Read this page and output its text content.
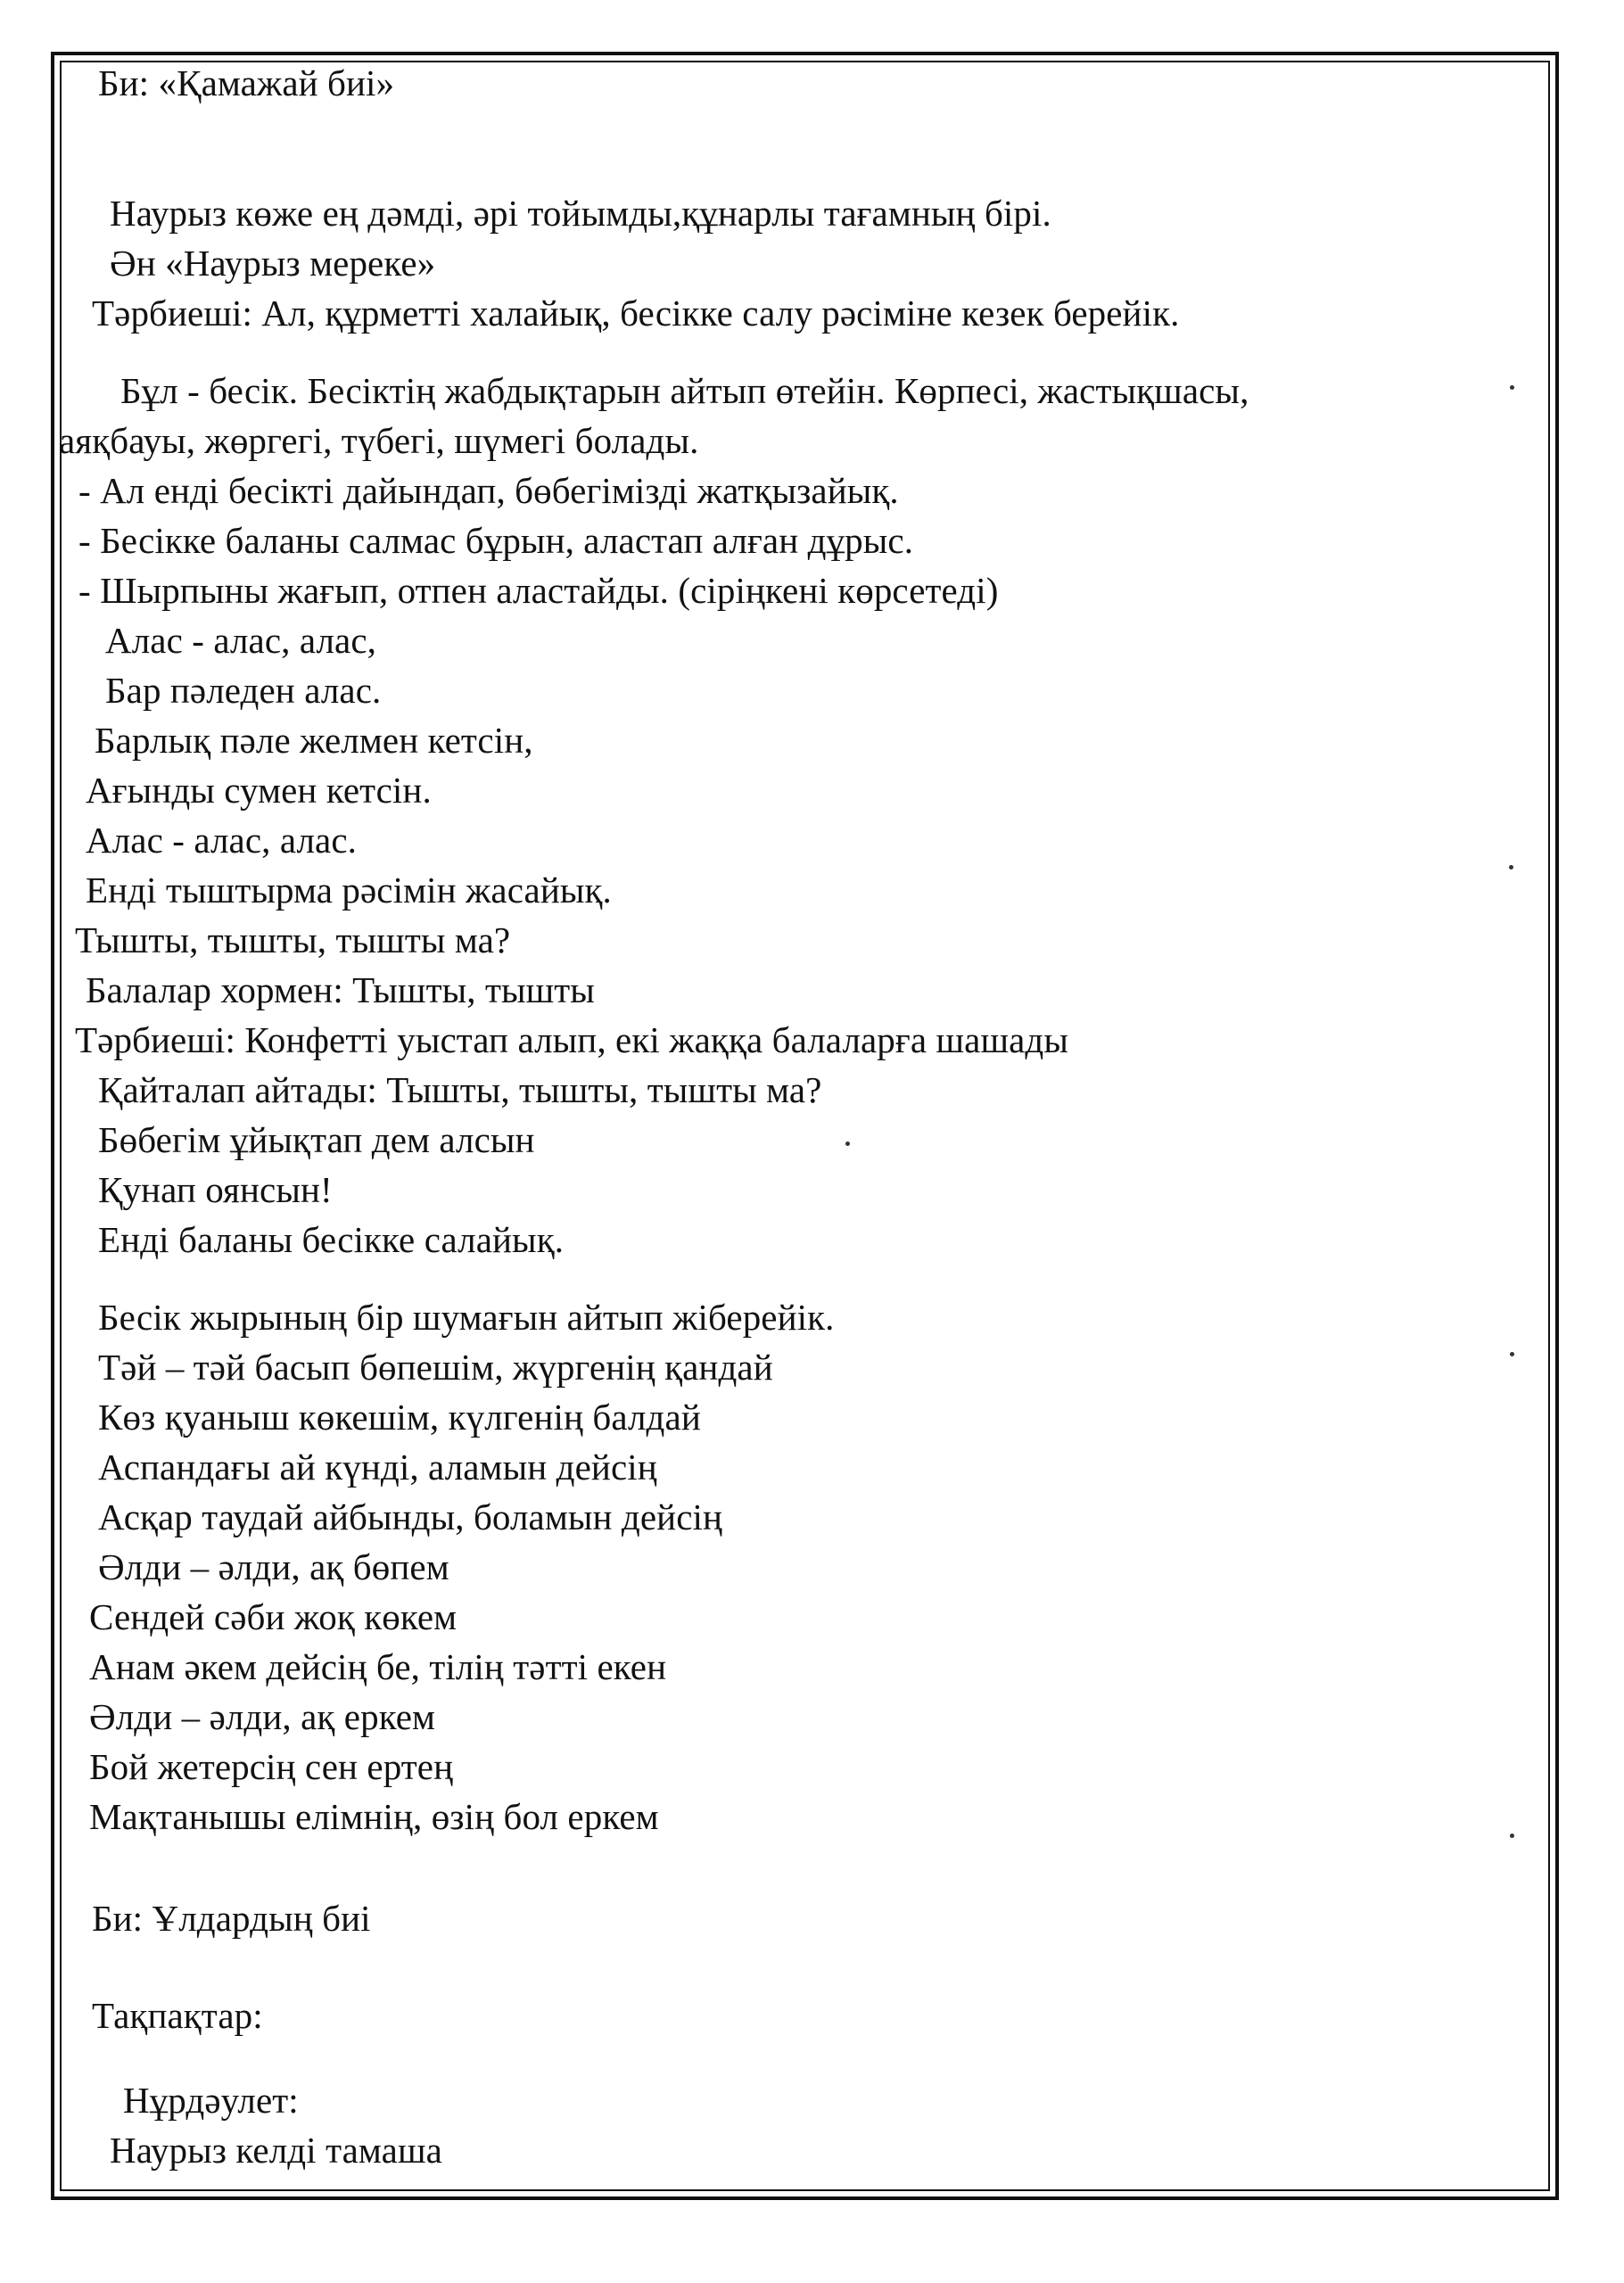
Би: «Қамажай биі»
Наурыз көже ең дәмді, әрі тойымды,құнарлы тағамның бірі.
Ән «Наурыз мереке»
Тәрбиеші: Ал, құрметті халайық, бесікке салу рәсіміне кезек берейік.
Бұл - бесік. Бесіктің жабдықтарын айтып өтейін. Көрпесі, жастықшасы,
аяқбауы, жөргегі, түбегі, шүмегі болады.
- Ал енді бесікті дайындап, бөбегімізді жатқызайық.
- Бесікке баланы салмас бұрын, аластап алған дұрыс.
- Шырпыны жағып, отпен аластайды. (сіріңкені көрсетеді)
Алас - алас, алас,
Бар пәледен алас.
Барлық пәле желмен кетсін,
Ағынды сумен кетсін.
Алас - алас, алас.
Енді тыштырма рәсімін жасайық.
Тышты, тышты, тышты ма?
Балалар хормен: Тышты, тышты
Тәрбиеші: Конфетті уыстап алып, екі жаққа балаларға шашады
Қайталап айтады: Тышты, тышты, тышты ма?
Бөбегім ұйықтап дем алсын
Қунап оянсын!
Енді баланы бесікке салайық.
Бесік жырының бір шумағын айтып жіберейік.
Тәй – тәй басып бөпешім, жүргенің қандай
Көз қуаныш көкешім, күлгенің балдай
Аспандағы ай күнді, аламын дейсің
Асқар таудай айбынды, боламын дейсің
Әлди – әлди, ақ бөпем
Сендей сәби жоқ көкем
Анам әкем дейсің бе, тілің тәтті екен
Әлди – әлди, ақ еркем
Бой жетерсің сен ертең
Мақтанышы елімнің, өзің бол еркем
Би: Ұлдардың биі
Тақпақтар:
Нұрдәулет:
Наурыз келді тамаша
